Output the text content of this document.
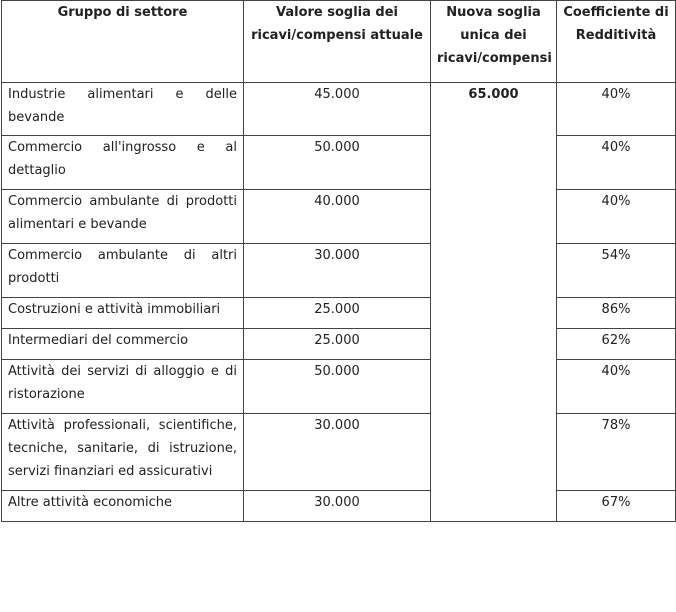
Gruppo di settore	Valore soglia dei ricavi/compensi attuale	Nuova soglia unica dei ricavi/compensi	Coefficiente di Redditività
Industrie alimentari e delle bevande	45.000	65.000	40%
Commercio all'ingrosso e al dettaglio	50.000		40%
Commercio ambulante di prodotti alimentari e bevande	40.000		40%
Commercio ambulante di altri prodotti	30.000		54%
Costruzioni e attività immobiliari	25.000		86%
Intermediari del commercio	25.000		62%
Attività dei servizi di alloggio e di ristorazione	50.000		40%
Attività professionali, scientifiche, tecniche, sanitarie, di istruzione, servizi finanziari ed assicurativi	30.000		78%
Altre attività economiche	30.000		67%
